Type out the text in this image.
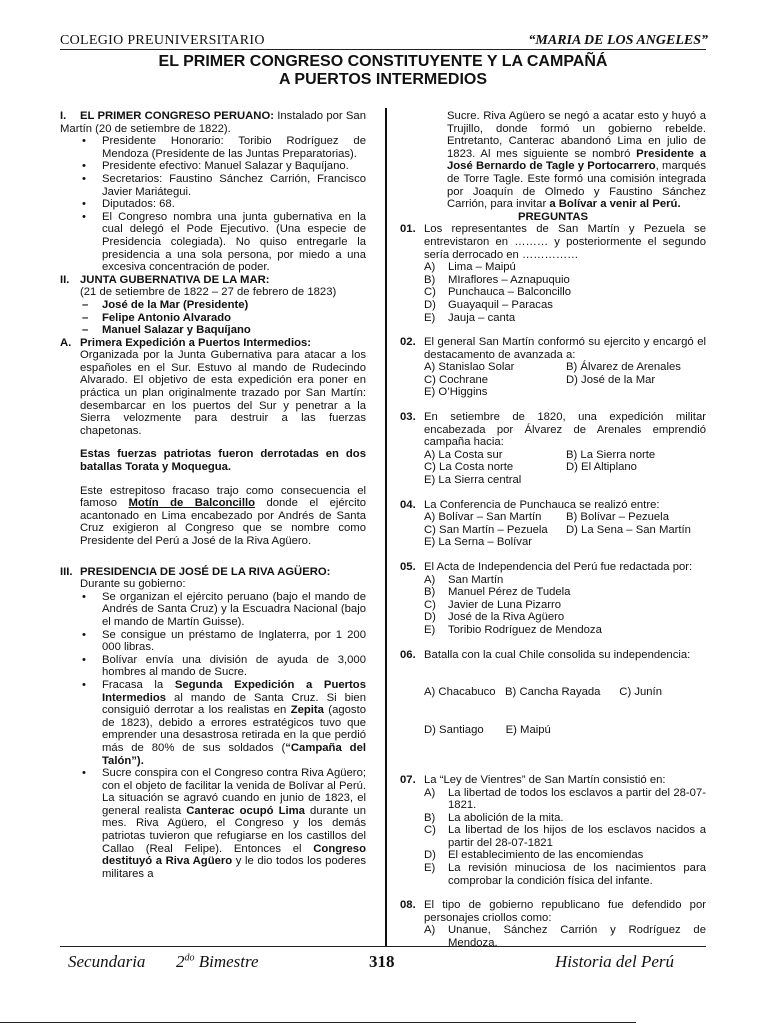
COLEGIO PREUNIVERSITARIO	“MARIA DE LOS ANGELES”
EL PRIMER CONGRESO CONSTITUYENTE Y LA CAMPAÑÁ
A PUERTOS INTERMEDIOS

I. EL PRIMER CONGRESO PERUANO: Instalado por San Martín (20 de setiembre de 1822).

• Presidente Honorario: Toribio Rodríguez de Mendoza (Presidente de las Juntas Preparatorias).
• Presidente efectivo: Manuel Salazar y Baquíjano.
• Secretarios: Faustino Sánchez Carrión, Francisco Javier Mariátegui.
• Diputados: 68.
• El Congreso nombra una junta gubernativa en la cual delegó el Pode Ejecutivo. (Una especie de Presidencia colegiada). No quiso entregarle la presidencia a una sola persona, por miedo a una excesiva concentración de poder.

II. JUNTA GUBERNATIVA DE LA MAR:

(21 de setiembre de 1822 – 27 de febrero de 1823)

– José de la Mar (Presidente)
– Felipe Antonio Alvarado
– Manuel Salazar y Baquíjano

A. Primera Expedición a Puertos Intermedios:

Organizada por la Junta Gubernativa para atacar a los españoles en el Sur. Estuvo al mando de Rudecindo Alvarado. El objetivo de esta expedición era poner en práctica un plan originalmente trazado por San Martín: desembarcar en los puertos del Sur y penetrar a la Sierra velozmente para destruir a las fuerzas chapetonas.

Estas fuerzas patriotas fueron derrotadas en dos batallas Torata y Moquegua.

Este estrepitoso fracaso trajo como consecuencia el famoso Motín de Balconcillo donde el ejército acantonado en Lima encabezado por Andrés de Santa Cruz exigieron al Congreso que se nombre como Presidente del Perú a José de la Riva Agüero.

III. PRESIDENCIA DE JOSÉ DE LA RIVA AGÜERO:

Durante su gobierno:

• Se organizan el ejército peruano (bajo el mando de Andrés de Santa Cruz) y la Escuadra Nacional (bajo el mando de Martín Guisse).
• Se consigue un préstamo de Inglaterra, por 1 200 000 libras.
• Bolívar envía una división de ayuda de 3,000 hombres al mando de Sucre.
• Fracasa la Segunda Expedición a Puertos Intermedios al mando de Santa Cruz. Si bien consiguió derrotar a los realistas en Zepita (agosto de 1823), debido a errores estratégicos tuvo que emprender una desastrosa retirada en la que perdió más de 80% de sus soldados (“Campaña del Talón”).
• Sucre conspira con el Congreso contra Riva Agüero; con el objeto de facilitar la venida de Bolívar al Perú. La situación se agravó cuando en junio de 1823, el general realista Canterac ocupó Lima durante un mes. Riva Agüero, el Congreso y los demás patriotas tuvieron que refugiarse en los castillos del Callao (Real Felipe). Entonces el Congreso destituyó a Riva Agüero y le dio todos los poderes militares a

Sucre. Riva Agüero se negó a acatar esto y huyó a Trujillo, donde formó un gobierno rebelde. Entretanto, Canterac abandonó Lima en julio de 1823. Al mes siguiente se nombró Presidente a José Bernardo de Tagle y Portocarrero, marqués de Torre Tagle. Este formó una comisión integrada por Joaquín de Olmedo y Faustino Sánchez Carrión, para invitar a Bolívar a venir al Perú.

PREGUNTAS

01. Los representantes de San Martín y Pezuela se entrevistaron en ……… y posteriormente el segundo sería derrocado en ……………
A)	Lima – Maipú
B)	MIraflores – Aznapuquio
C)	Punchauca – Balconcillo
D)	Guayaquil – Paracas
E)	Jauja – canta
02. El general San Martín conformó su ejercito y encargó el destacamento de avanzada a:
A) Stanislao Solar	B) Álvarez de Arenales
C) Cochrane	D) José de la Mar
E) O’Higgins
03. En setiembre de 1820, una expedición militar encabezada por Álvarez de Arenales emprendió campaña hacia:
A) La Costa sur	B) La Sierra norte
C) La Costa norte	D) El Altiplano
E) La Sierra central
04. La Conferencia de Punchauca se realizó entre:
A) Bolívar – San Martín	B) Bolívar – Pezuela
C) San Martín – Pezuela	D) La Sena – San Martín
E) La Serna – Bolívar
05. El Acta de Independencia del Perú fue redactada por:
A)	San Martín
B)	Manuel Pérez de Tudela
C)	Javier de Luna Pizarro
D)	José de la Riva Agüero
E)	Toribio Rodríguez de Mendoza
06. Batalla con la cual Chile consolida su independencia:

A) Chacabuco   B) Cancha Rayada      C) Junín

D) Santiago       E) Maipú

07. La “Ley de Vientres” de San Martín consistió en:
A)	La libertad de todos los esclavos a partir del 28-07-1821.
B)	La abolición de la mita.
C)	La libertad de los hijos de los esclavos nacidos a partir del 28-07-1821
D)	El establecimiento de las encomiendas
E)	La revisión minuciosa de los nacimientos para comprobar la condición física del infante.
08. El tipo de gobierno republicano fue defendido por personajes criollos como:
A)	Unanue, Sánchez Carrión y Rodríguez de Mendoza.
Secundaria $2^{do}$ Bimestre	318	Historia del Perú
